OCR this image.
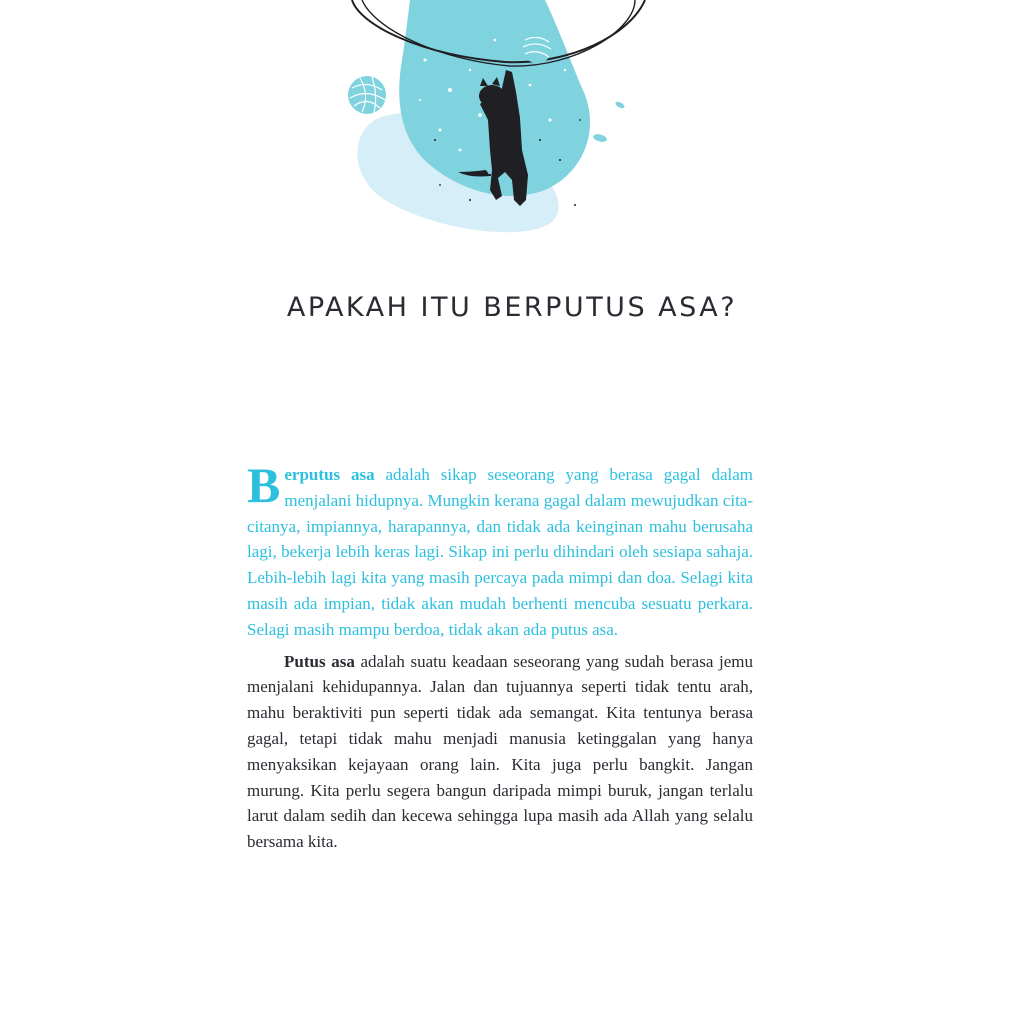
APAKAH ITU BERPUTUS ASA?

Berputus asa adalah sikap seseorang yang berasa gagal dalam menjalani hidupnya. Mungkin kerana gagal dalam mewujudkan cita-citanya, impiannya, harapannya, dan tidak ada keinginan mahu berusaha lagi, bekerja lebih keras lagi. Sikap ini perlu dihindari oleh sesiapa sahaja. Lebih-lebih lagi kita yang masih percaya pada mimpi dan doa. Selagi kita masih ada impian, tidak akan mudah berhenti mencuba sesuatu perkara. Selagi masih mampu berdoa, tidak akan ada putus asa.

Putus asa adalah suatu keadaan seseorang yang sudah berasa jemu menjalani kehidupannya. Jalan dan tujuannya seperti tidak tentu arah, mahu beraktiviti pun seperti tidak ada semangat. Kita tentunya berasa gagal, tetapi tidak mahu menjadi manusia ketinggalan yang hanya menyaksikan kejayaan orang lain. Kita juga perlu bangkit. Jangan murung. Kita perlu segera bangun daripada mimpi buruk, jangan terlalu larut dalam sedih dan kecewa sehingga lupa masih ada Allah yang selalu bersama kita.
